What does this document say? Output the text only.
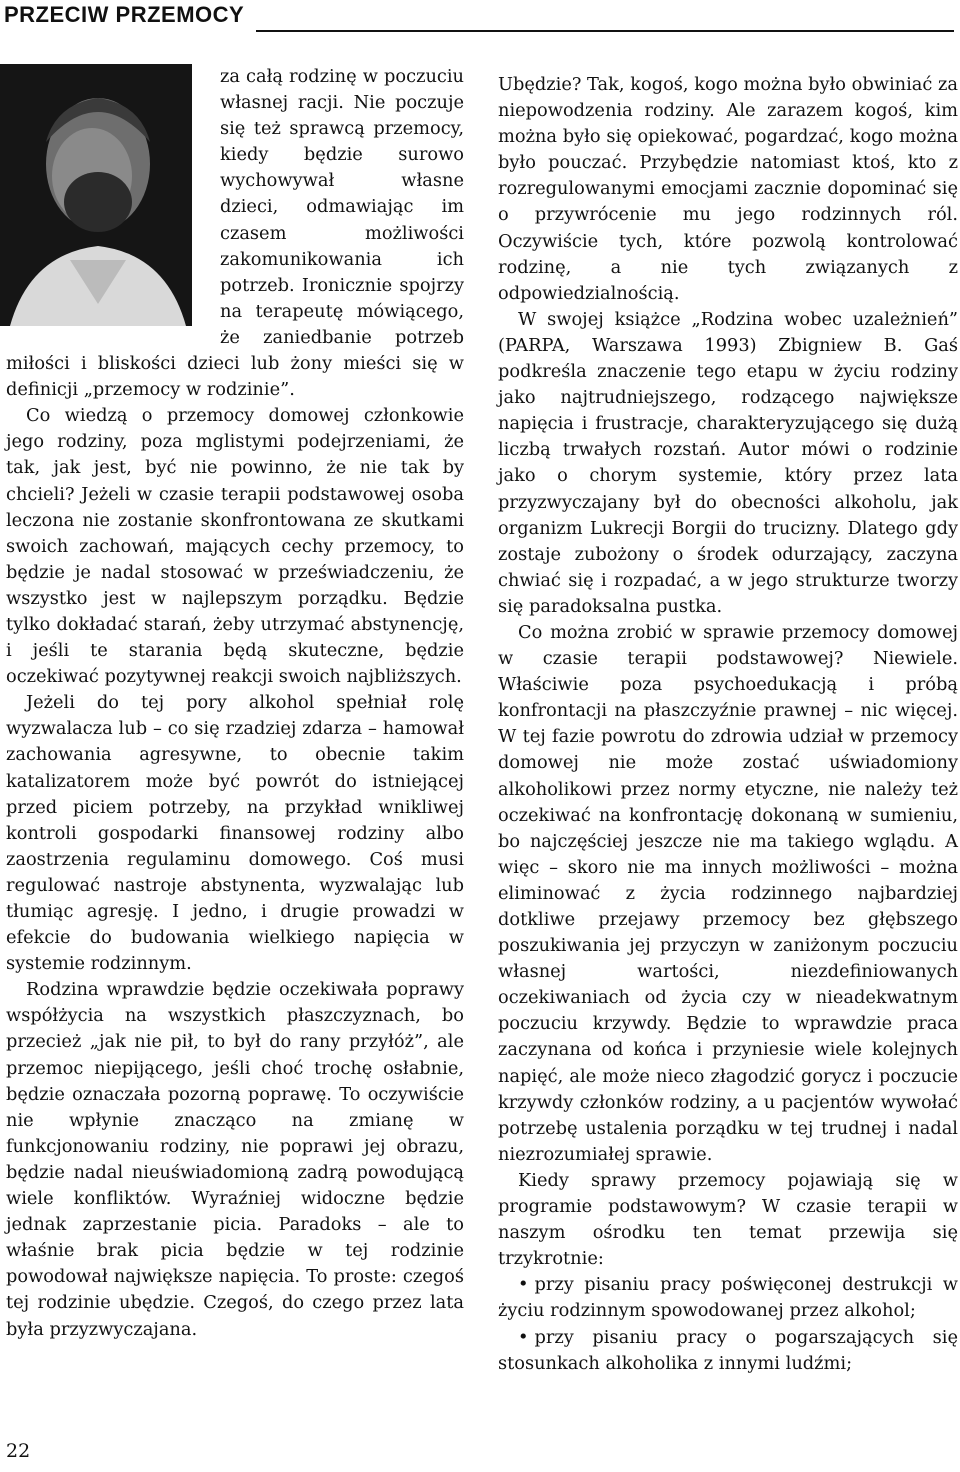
PRZECIW PRZEMOCY

za całą rodzinę w poczuciu własnej racji. Nie poczuje się też sprawcą przemocy, kiedy będzie surowo wychowywał własne dzieci, odmawiając im czasem możliwości zakomunikowania ich potrzeb. Ironicznie spojrzy na terapeutę mówiącego, że zaniedbanie potrzeb miłości i bliskości dzieci lub żony mieści się w definicji „przemocy w rodzinie”.

Co wiedzą o przemocy domowej członkowie jego rodziny, poza mglistymi podejrzeniami, że tak, jak jest, być nie powinno, że nie tak by chcieli? Jeżeli w czasie terapii podstawowej osoba leczona nie zostanie skonfrontowana ze skutkami swoich zachowań, mających cechy przemocy, to będzie je nadal stosować w przeświadczeniu, że wszystko jest w najlepszym porządku. Będzie tylko dokładać starań, żeby utrzymać abstynencję, i jeśli te starania będą skuteczne, będzie oczekiwać pozytywnej reakcji swoich najbliższych.

Jeżeli do tej pory alkohol spełniał rolę wyzwalacza lub – co się rzadziej zdarza – hamował zachowania agresywne, to obecnie takim katalizatorem może być powrót do istniejącej przed piciem potrzeby, na przykład wnikliwej kontroli gospodarki finansowej rodziny albo zaostrzenia regulaminu domowego. Coś musi regulować nastroje abstynenta, wyzwalając lub tłumiąc agresję. I jedno, i drugie prowadzi w efekcie do budowania wielkiego napięcia w systemie rodzinnym.

Rodzina wprawdzie będzie oczekiwała poprawy współżycia na wszystkich płaszczyznach, bo przecież „jak nie pił, to był do rany przyłóż”, ale przemoc niepijącego, jeśli choć trochę osłabnie, będzie oznaczała pozorną poprawę. To oczywiście nie wpłynie znacząco na zmianę w funkcjonowaniu rodziny, nie poprawi jej obrazu, będzie nadal nieuświadomioną zadrą powodującą wiele konfliktów. Wyraźniej widoczne będzie jednak zaprzestanie picia. Paradoks – ale to właśnie brak picia będzie w tej rodzinie powodował największe napięcia. To proste: czegoś tej rodzinie ubędzie. Czegoś, do czego przez lata była przyzwyczajana.

Ubędzie? Tak, kogoś, kogo można było obwiniać za niepowodzenia rodziny. Ale zarazem kogoś, kim można było się opiekować, pogardzać, kogo można było pouczać. Przybędzie natomiast ktoś, kto z rozregulowanymi emocjami zacznie dopominać się o przywrócenie mu jego rodzinnych ról. Oczywiście tych, które pozwolą kontrolować rodzinę, a nie tych związanych z odpowiedzialnością.

W swojej książce „Rodzina wobec uzależnień” (PARPA, Warszawa 1993) Zbigniew B. Gaś podkreśla znaczenie tego etapu w życiu rodziny jako najtrudniejszego, rodzącego największe napięcia i frustracje, charakteryzującego się dużą liczbą trwałych rozstań. Autor mówi o rodzinie jako o chorym systemie, który przez lata przyzwyczajany był do obecności alkoholu, jak organizm Lukrecji Borgii do trucizny. Dlatego gdy zostaje zubożony o środek odurzający, zaczyna chwiać się i rozpadać, a w jego strukturze tworzy się paradoksalna pustka.

Co można zrobić w sprawie przemocy domowej w czasie terapii podstawowej? Niewiele. Właściwie poza psychoedukacją i próbą konfrontacji na płaszczyźnie prawnej – nic więcej. W tej fazie powrotu do zdrowia udział w przemocy domowej nie może zostać uświadomiony alkoholikowi przez normy etyczne, nie należy też oczekiwać na konfrontację dokonaną w sumieniu, bo najczęściej jeszcze nie ma takiego wglądu. A więc – skoro nie ma innych możliwości – można eliminować z życia rodzinnego najbardziej dotkliwe przejawy przemocy bez głębszego poszukiwania jej przyczyn w zaniżonym poczuciu własnej wartości, niezdefiniowanych oczekiwaniach od życia czy w nieadekwatnym poczuciu krzywdy. Będzie to wprawdzie praca zaczynana od końca i przyniesie wiele kolejnych napięć, ale może nieco złagodzić gorycz i poczucie krzywdy członków rodziny, a u pacjentów wywołać potrzebę ustalenia porządku w tej trudnej i nadal niezrozumiałej sprawie.

Kiedy sprawy przemocy pojawiają się w programie podstawowym? W czasie terapii w naszym ośrodku ten temat przewija się trzykrotnie:

• przy pisaniu pracy poświęconej destrukcji w życiu rodzinnym spowodowanej przez alkohol;

• przy pisaniu pracy o pogarszających się stosunkach alkoholika z innymi ludźmi;

22
